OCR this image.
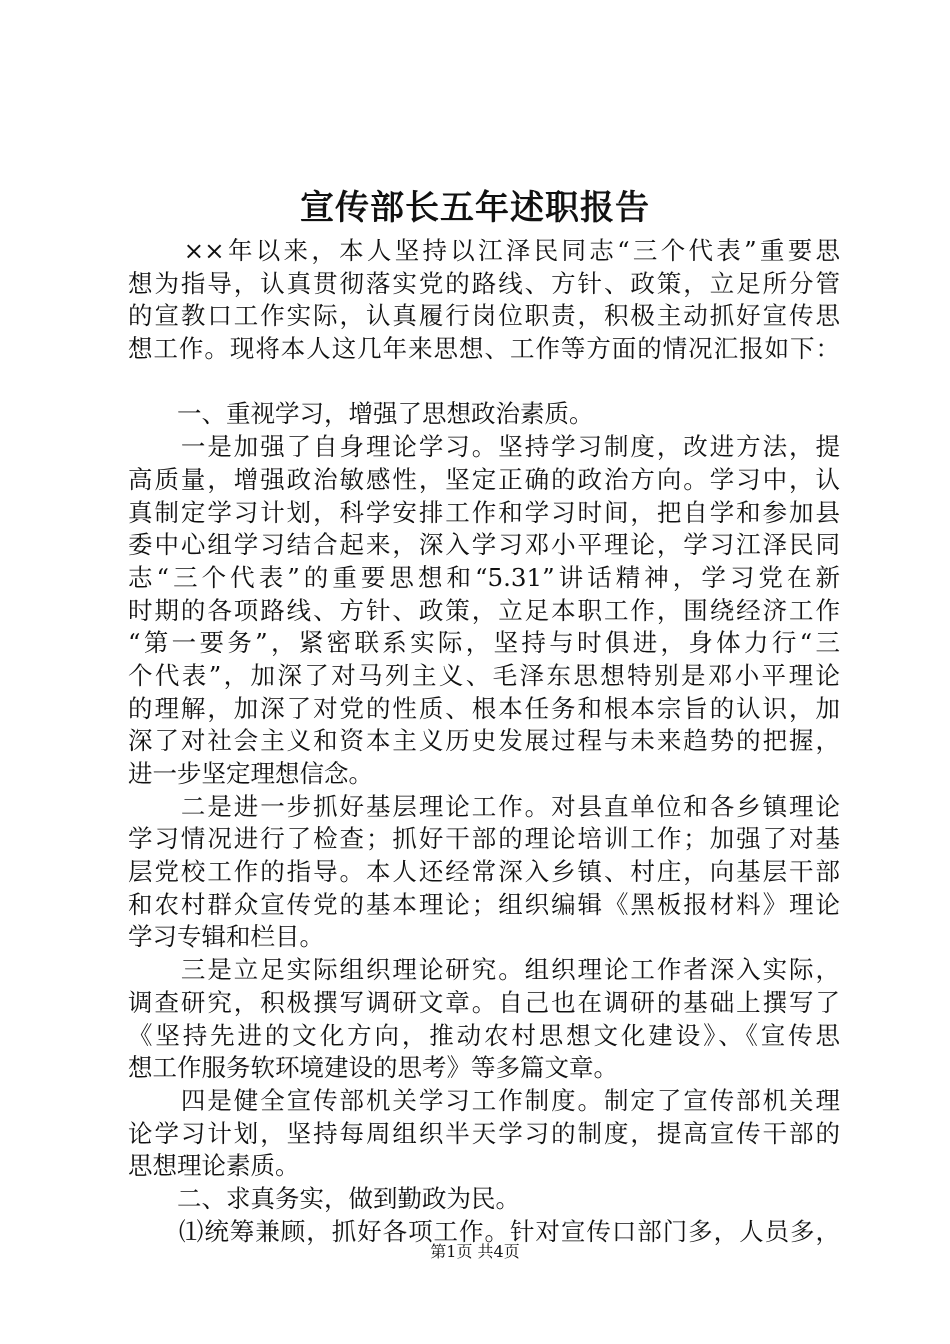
宣传部长五年述职报告
　　××年以来，本人坚持以江泽民同志“三个代表”重要思
想为指导，认真贯彻落实党的路线、方针、政策，立足所分管
的宣教口工作实际，认真履行岗位职责，积极主动抓好宣传思
想工作。现将本人这几年来思想、工作等方面的情况汇报如下：
　　一、重视学习，增强了思想政治素质。
　　一是加强了自身理论学习。坚持学习制度，改进方法，提
高质量，增强政治敏感性，坚定正确的政治方向。学习中，认
真制定学习计划，科学安排工作和学习时间，把自学和参加县
委中心组学习结合起来，深入学习邓小平理论，学习江泽民同
志“三个代表”的重要思想和“5.31”讲话精神，学习党在新
时期的各项路线、方针、政策，立足本职工作，围绕经济工作
“第一要务”，紧密联系实际，坚持与时俱进，身体力行“三
个代表”，加深了对马列主义、毛泽东思想特别是邓小平理论
的理解，加深了对党的性质、根本任务和根本宗旨的认识，加
深了对社会主义和资本主义历史发展过程与未来趋势的把握，
进一步坚定理想信念。
　　二是进一步抓好基层理论工作。对县直单位和各乡镇理论
学习情况进行了检查；抓好干部的理论培训工作；加强了对基
层党校工作的指导。本人还经常深入乡镇、村庄，向基层干部
和农村群众宣传党的基本理论；组织编辑《黑板报材料》理论
学习专辑和栏目。
　　三是立足实际组织理论研究。组织理论工作者深入实际，
调查研究，积极撰写调研文章。自己也在调研的基础上撰写了
《坚持先进的文化方向，推动农村思想文化建设》、《宣传思
想工作服务软环境建设的思考》等多篇文章。
　　四是健全宣传部机关学习工作制度。制定了宣传部机关理
论学习计划，坚持每周组织半天学习的制度，提高宣传干部的
思想理论素质。
　　二、求真务实，做到勤政为民。
　　⑴统筹兼顾，抓好各项工作。针对宣传口部门多，人员多，
第1页 共4页
